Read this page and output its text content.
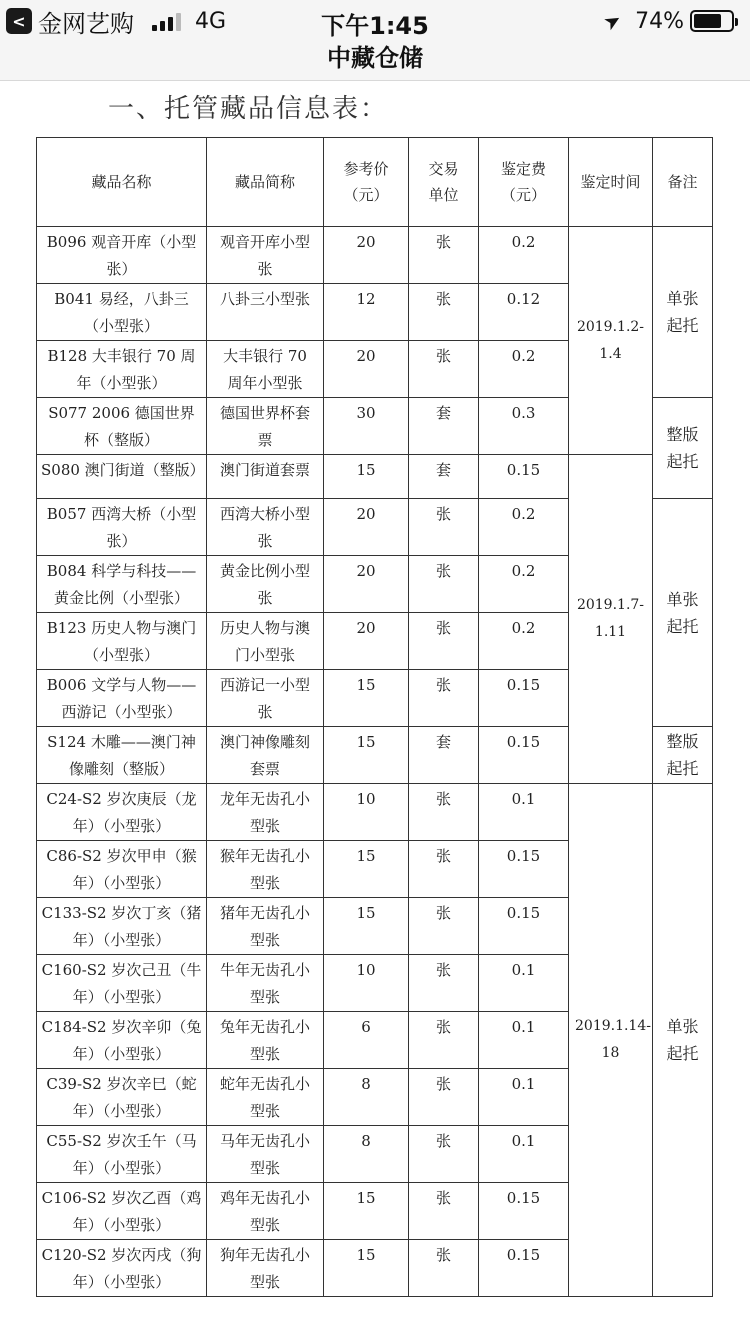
< 金网艺购	4G	下午1:45	➤ 74%
中藏仓储
一、托管藏品信息表：
藏品名称	藏品简称	参考价（元）	交易单位	鉴定费（元）	鉴定时间	备注
B096 观音开库（小型张）	观音开库小型张	20	张	0.2	2019.1.2-1.4	单张起托
B041 易经，八卦三（小型张）	八卦三小型张	12	张	0.12		
B128 大丰银行 70 周年（小型张）	大丰银行 70 周年小型张	20	张	0.2		
S077 2006 德国世界杯（整版）	德国世界杯套票	30	套	0.3		整版起托
S080 澳门街道（整版）	澳门街道套票	15	套	0.15	2019.1.7-1.11	
B057 西湾大桥（小型张）	西湾大桥小型张	20	张	0.2		单张起托
B084 科学与科技——黄金比例（小型张）	黄金比例小型张	20	张	0.2		
B123 历史人物与澳门（小型张）	历史人物与澳门小型张	20	张	0.2		
B006 文学与人物——西游记（小型张）	西游记一小型张	15	张	0.15		
S124 木雕——澳门神像雕刻（整版）	澳门神像雕刻套票	15	套	0.15		整版起托
C24-S2 岁次庚辰（龙年）（小型张）	龙年无齿孔小型张	10	张	0.1	2019.1.14-18	单张起托
C86-S2 岁次甲申（猴年）（小型张）	猴年无齿孔小型张	15	张	0.15		
C133-S2 岁次丁亥（猪年）（小型张）	猪年无齿孔小型张	15	张	0.15		
C160-S2 岁次己丑（牛年）（小型张）	牛年无齿孔小型张	10	张	0.1		
C184-S2 岁次辛卯（兔年）（小型张）	兔年无齿孔小型张	6	张	0.1		
C39-S2 岁次辛巳（蛇年）（小型张）	蛇年无齿孔小型张	8	张	0.1		
C55-S2 岁次壬午（马年）（小型张）	马年无齿孔小型张	8	张	0.1		
C106-S2 岁次乙酉（鸡年）（小型张）	鸡年无齿孔小型张	15	张	0.15		
C120-S2 岁次丙戌（狗年）（小型张）	狗年无齿孔小型张	15	张	0.15		
